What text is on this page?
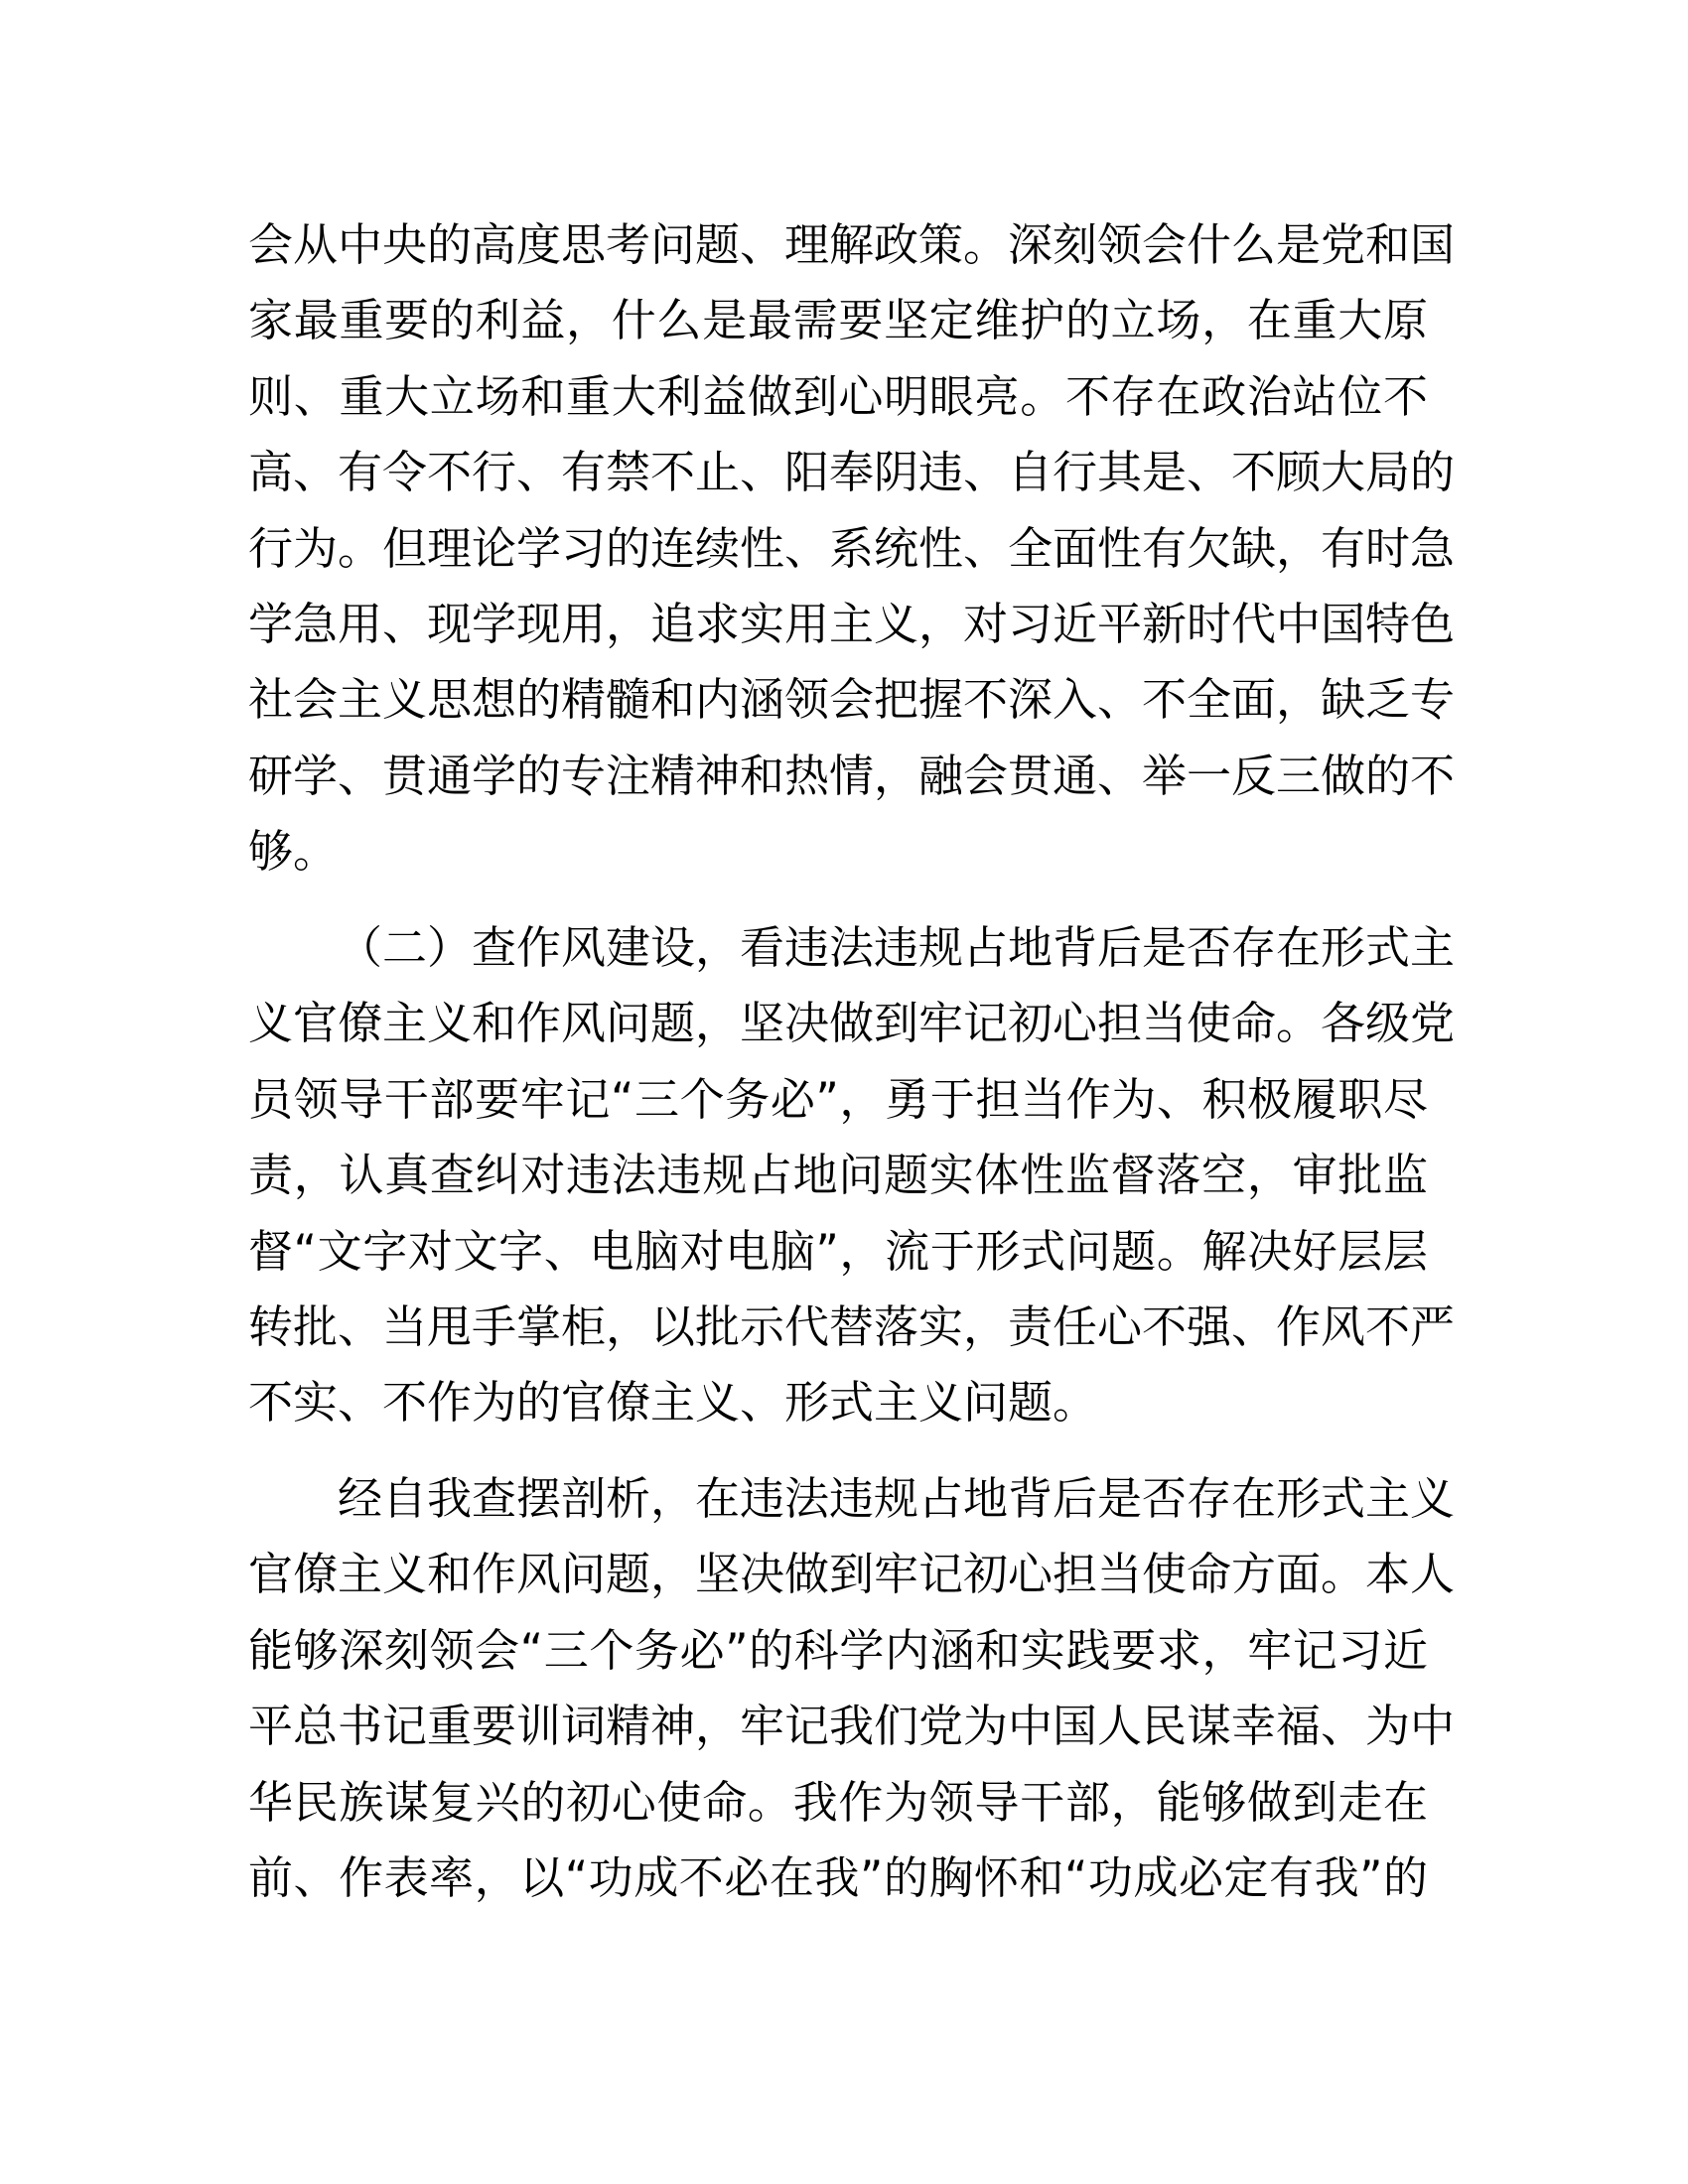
会从中央的高度思考问题、理解政策。深刻领会什么是党和国
家最重要的利益，什么是最需要坚定维护的立场，在重大原
则、重大立场和重大利益做到心明眼亮。不存在政治站位不
高、有令不行、有禁不止、阳奉阴违、自行其是、不顾大局的
行为。但理论学习的连续性、系统性、全面性有欠缺，有时急
学急用、现学现用，追求实用主义，对习近平新时代中国特色
社会主义思想的精髓和内涵领会把握不深入、不全面，缺乏专
研学、贯通学的专注精神和热情，融会贯通、举一反三做的不
够。
（二）查作风建设，看违法违规占地背后是否存在形式主
义官僚主义和作风问题，坚决做到牢记初心担当使命。各级党
员领导干部要牢记“三个务必”，勇于担当作为、积极履职尽
责，认真查纠对违法违规占地问题实体性监督落空，审批监
督“文字对文字、电脑对电脑”，流于形式问题。解决好层层
转批、当甩手掌柜，以批示代替落实，责任心不强、作风不严
不实、不作为的官僚主义、形式主义问题。
经自我查摆剖析，在违法违规占地背后是否存在形式主义
官僚主义和作风问题，坚决做到牢记初心担当使命方面。本人
能够深刻领会“三个务必”的科学内涵和实践要求，牢记习近
平总书记重要训词精神，牢记我们党为中国人民谋幸福、为中
华民族谋复兴的初心使命。我作为领导干部，能够做到走在
前、作表率，以“功成不必在我”的胸怀和“功成必定有我”的
